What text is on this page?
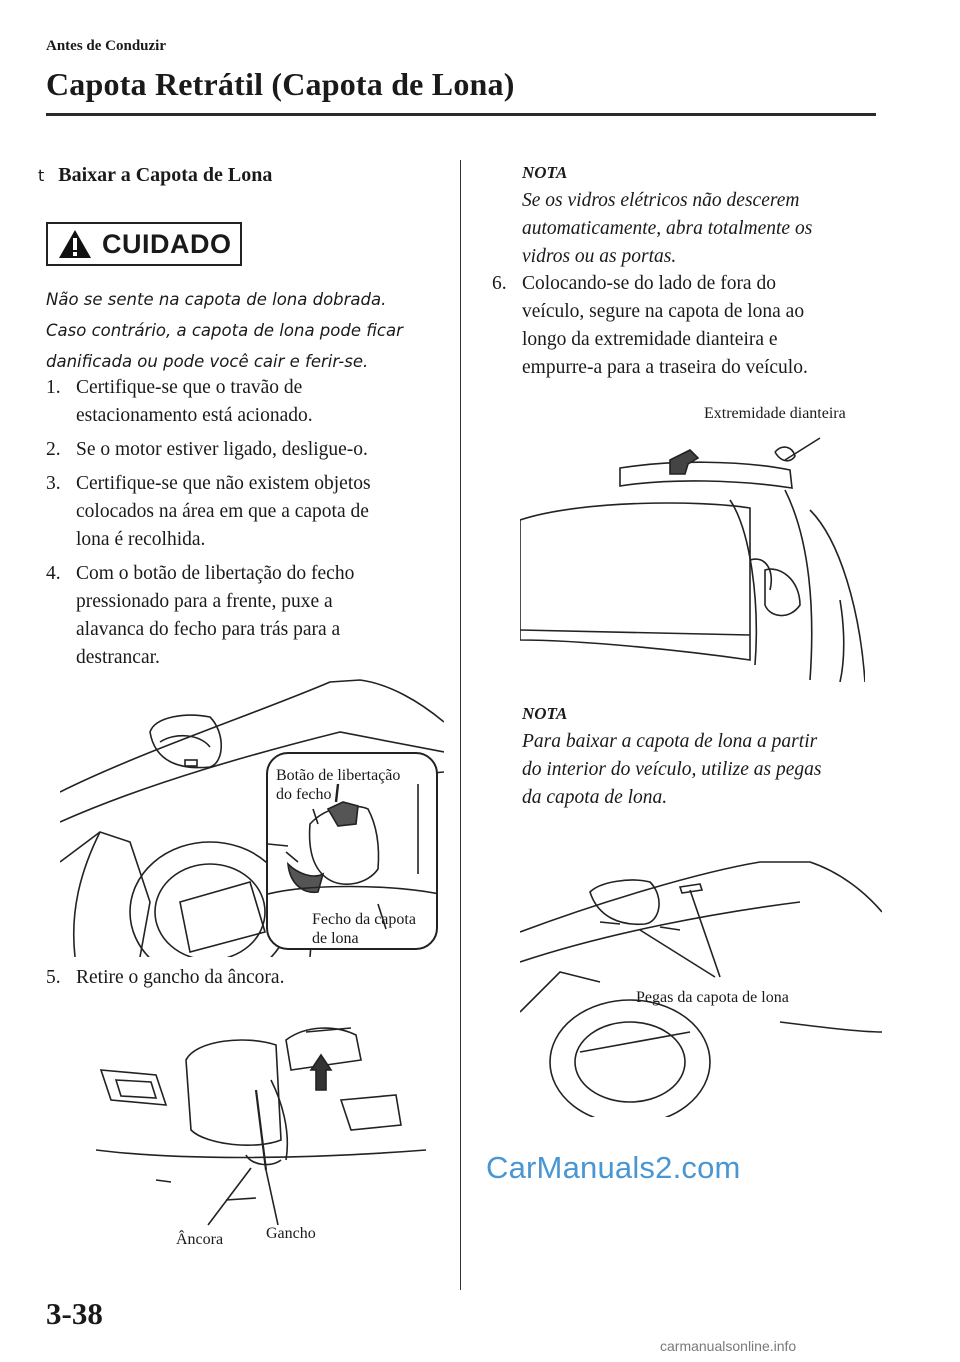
Antes de Conduzir
Capota Retrátil (Capota de Lona)
t Baixar a Capota de Lona
CUIDADO
Não se sente na capota de lona dobrada.
Caso contrário, a capota de lona pode ficar
danificada ou pode você cair e ferir-se.
1. Certifique-se que o travão de
estacionamento está acionado.
2. Se o motor estiver ligado, desligue-o.
3. Certifique-se que não existem objetos
colocados na área em que a capota de
lona é recolhida.
4. Com o botão de libertação do fecho
pressionado para a frente, puxe a
alavanca do fecho para trás para a
destrancar.
Botão de libertação
do fecho
Fecho da capota
de lona
5. Retire o gancho da âncora.
Âncora	Gancho
NOTA
Se os vidros elétricos não descerem
automaticamente, abra totalmente os
vidros ou as portas.
6. Colocando-se do lado de fora do
veículo, segure na capota de lona ao
longo da extremidade dianteira e
empurre-a para a traseira do veículo.
Extremidade dianteira
NOTA
Para baixar a capota de lona a partir
do interior do veículo, utilize as pegas
da capota de lona.
Pegas da capota de lona
CarManuals2.com
3-38
carmanualsonline.info
